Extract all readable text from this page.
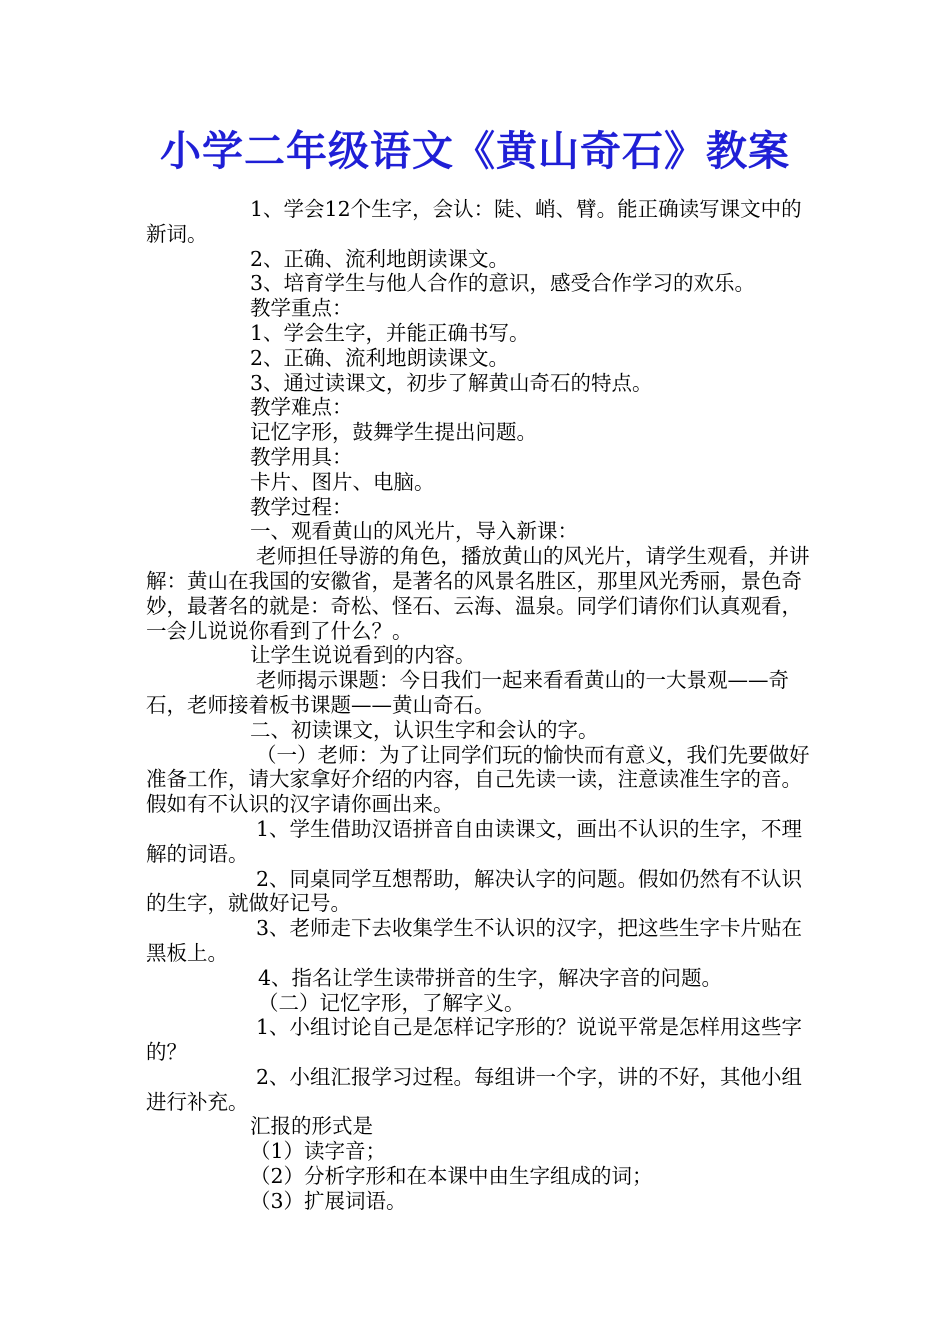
小学二年级语文《黄山奇石》教案

1、学会12个生字，会认：陡、峭、臂。能正确读写课文中的新词。

2、正确、流利地朗读课文。

3、培育学生与他人合作的意识，感受合作学习的欢乐。

教学重点：

1、学会生字，并能正确书写。

2、正确、流利地朗读课文。

3、通过读课文，初步了解黄山奇石的特点。

教学难点：

记忆字形，鼓舞学生提出问题。

教学用具：

卡片、图片、电脑。

教学过程：

一、观看黄山的风光片，导入新课：

老师担任导游的角色，播放黄山的风光片，请学生观看，并讲解：黄山在我国的安徽省，是著名的风景名胜区，那里风光秀丽，景色奇妙，最著名的就是：奇松、怪石、云海、温泉。同学们请你们认真观看，一会儿说说你看到了什么？。

让学生说说看到的内容。

老师揭示课题：今日我们一起来看看黄山的一大景观——奇石，老师接着板书课题——黄山奇石。

二、初读课文，认识生字和会认的字。

（一）老师：为了让同学们玩的愉快而有意义，我们先要做好准备工作，请大家拿好介绍的内容，自己先读一读，注意读准生字的音。假如有不认识的汉字请你画出来。

1、学生借助汉语拼音自由读课文，画出不认识的生字，不理解的词语。

2、同桌同学互想帮助，解决认字的问题。假如仍然有不认识的生字，就做好记号。

3、老师走下去收集学生不认识的汉字，把这些生字卡片贴在黑板上。

4、指名让学生读带拼音的生字，解决字音的问题。

（二）记忆字形，了解字义。

1、小组讨论自己是怎样记字形的？说说平常是怎样用这些字的？

2、小组汇报学习过程。每组讲一个字，讲的不好，其他小组进行补充。

汇报的形式是

（1）读字音；

（2）分析字形和在本课中由生字组成的词；

（3）扩展词语。
